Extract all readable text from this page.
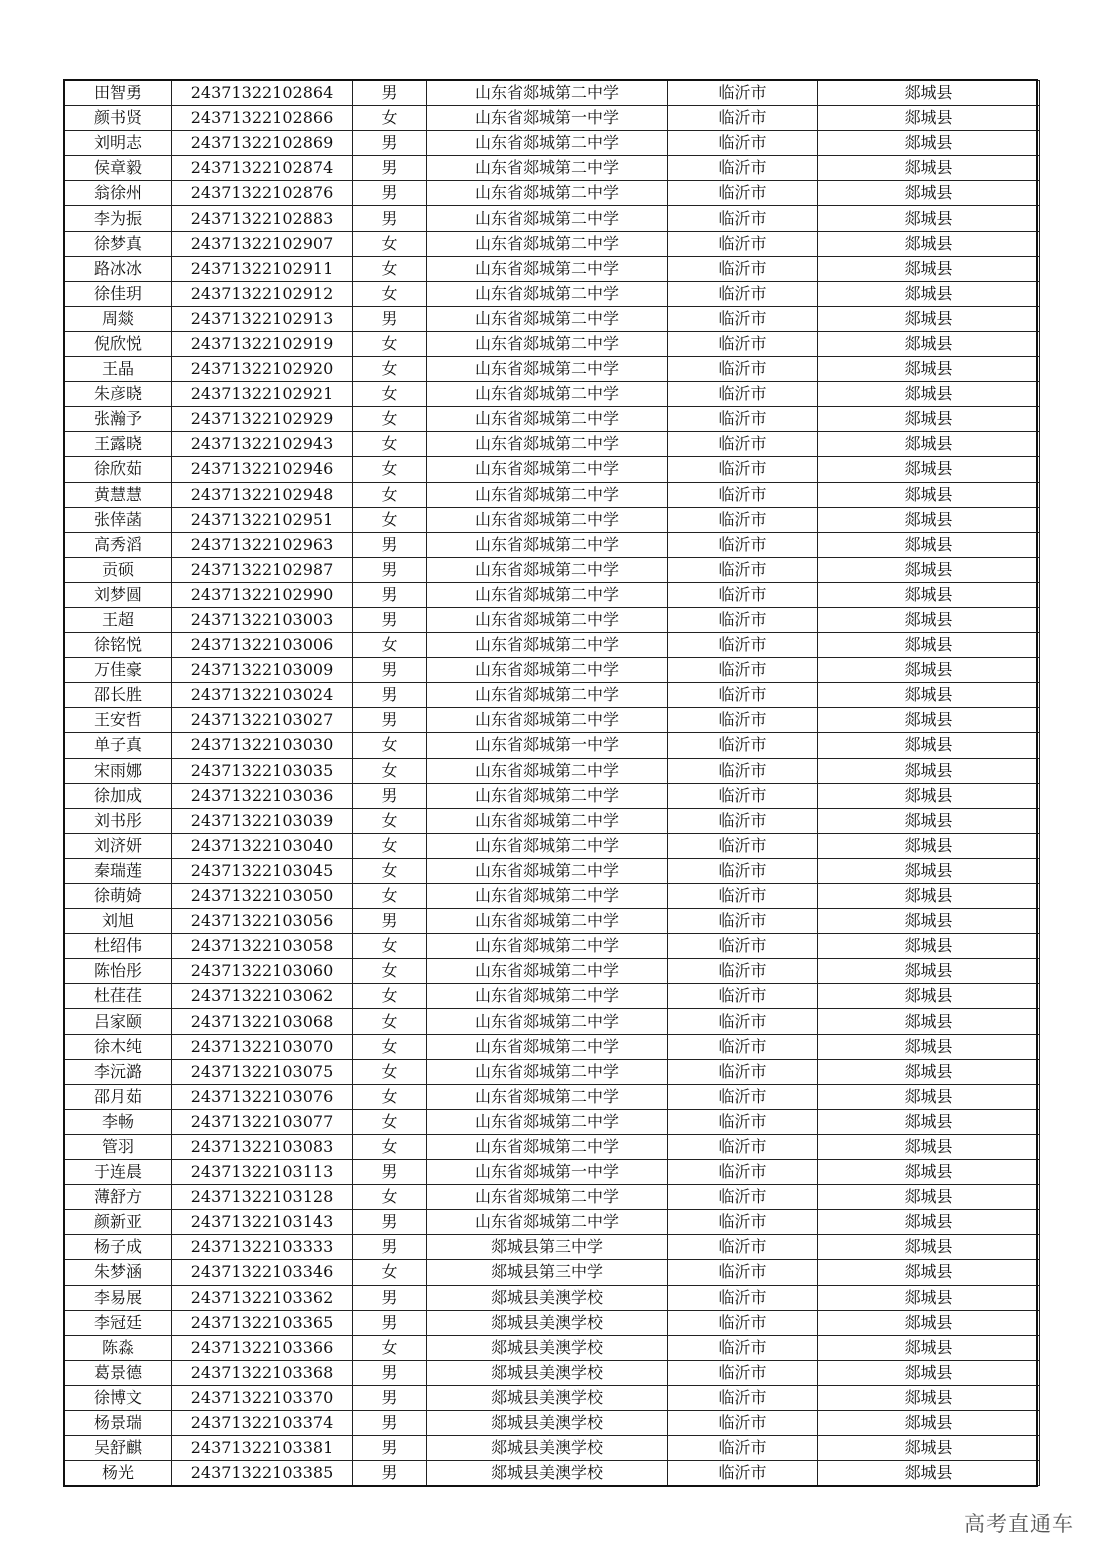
田智勇	24371322102864	男	山东省郯城第二中学	临沂市	郯城县
颜书贤	24371322102866	女	山东省郯城第一中学	临沂市	郯城县
刘明志	24371322102869	男	山东省郯城第二中学	临沂市	郯城县
侯章毅	24371322102874	男	山东省郯城第二中学	临沂市	郯城县
翁徐州	24371322102876	男	山东省郯城第二中学	临沂市	郯城县
李为振	24371322102883	男	山东省郯城第二中学	临沂市	郯城县
徐梦真	24371322102907	女	山东省郯城第二中学	临沂市	郯城县
路冰冰	24371322102911	女	山东省郯城第二中学	临沂市	郯城县
徐佳玥	24371322102912	女	山东省郯城第二中学	临沂市	郯城县
周燚	24371322102913	男	山东省郯城第二中学	临沂市	郯城县
倪欣悦	24371322102919	女	山东省郯城第二中学	临沂市	郯城县
王晶	24371322102920	女	山东省郯城第二中学	临沂市	郯城县
朱彦晓	24371322102921	女	山东省郯城第二中学	临沂市	郯城县
张瀚予	24371322102929	女	山东省郯城第二中学	临沂市	郯城县
王露晓	24371322102943	女	山东省郯城第二中学	临沂市	郯城县
徐欣茹	24371322102946	女	山东省郯城第二中学	临沂市	郯城县
黄慧慧	24371322102948	女	山东省郯城第二中学	临沂市	郯城县
张倖菡	24371322102951	女	山东省郯城第二中学	临沂市	郯城县
高秀滔	24371322102963	男	山东省郯城第二中学	临沂市	郯城县
贡硕	24371322102987	男	山东省郯城第二中学	临沂市	郯城县
刘梦圆	24371322102990	男	山东省郯城第二中学	临沂市	郯城县
王超	24371322103003	男	山东省郯城第二中学	临沂市	郯城县
徐铭悦	24371322103006	女	山东省郯城第二中学	临沂市	郯城县
万佳豪	24371322103009	男	山东省郯城第二中学	临沂市	郯城县
邵长胜	24371322103024	男	山东省郯城第二中学	临沂市	郯城县
王安哲	24371322103027	男	山东省郯城第二中学	临沂市	郯城县
单子真	24371322103030	女	山东省郯城第一中学	临沂市	郯城县
宋雨娜	24371322103035	女	山东省郯城第二中学	临沂市	郯城县
徐加成	24371322103036	男	山东省郯城第二中学	临沂市	郯城县
刘书彤	24371322103039	女	山东省郯城第二中学	临沂市	郯城县
刘济妍	24371322103040	女	山东省郯城第二中学	临沂市	郯城县
秦瑞莲	24371322103045	女	山东省郯城第二中学	临沂市	郯城县
徐萌婍	24371322103050	女	山东省郯城第二中学	临沂市	郯城县
刘旭	24371322103056	男	山东省郯城第二中学	临沂市	郯城县
杜绍伟	24371322103058	女	山东省郯城第二中学	临沂市	郯城县
陈怡彤	24371322103060	女	山东省郯城第二中学	临沂市	郯城县
杜荏荏	24371322103062	女	山东省郯城第二中学	临沂市	郯城县
吕家颐	24371322103068	女	山东省郯城第二中学	临沂市	郯城县
徐木纯	24371322103070	女	山东省郯城第二中学	临沂市	郯城县
李沅潞	24371322103075	女	山东省郯城第二中学	临沂市	郯城县
邵月茹	24371322103076	女	山东省郯城第二中学	临沂市	郯城县
李畅	24371322103077	女	山东省郯城第二中学	临沂市	郯城县
管羽	24371322103083	女	山东省郯城第二中学	临沂市	郯城县
于连晨	24371322103113	男	山东省郯城第一中学	临沂市	郯城县
薄舒方	24371322103128	女	山东省郯城第二中学	临沂市	郯城县
颜新亚	24371322103143	男	山东省郯城第二中学	临沂市	郯城县
杨子成	24371322103333	男	郯城县第三中学	临沂市	郯城县
朱梦涵	24371322103346	女	郯城县第三中学	临沂市	郯城县
李易展	24371322103362	男	郯城县美澳学校	临沂市	郯城县
李冠廷	24371322103365	男	郯城县美澳学校	临沂市	郯城县
陈淼	24371322103366	女	郯城县美澳学校	临沂市	郯城县
葛景德	24371322103368	男	郯城县美澳学校	临沂市	郯城县
徐博文	24371322103370	男	郯城县美澳学校	临沂市	郯城县
杨景瑞	24371322103374	男	郯城县美澳学校	临沂市	郯城县
吴舒麒	24371322103381	男	郯城县美澳学校	临沂市	郯城县
杨光	24371322103385	男	郯城县美澳学校	临沂市	郯城县
高考直通车
